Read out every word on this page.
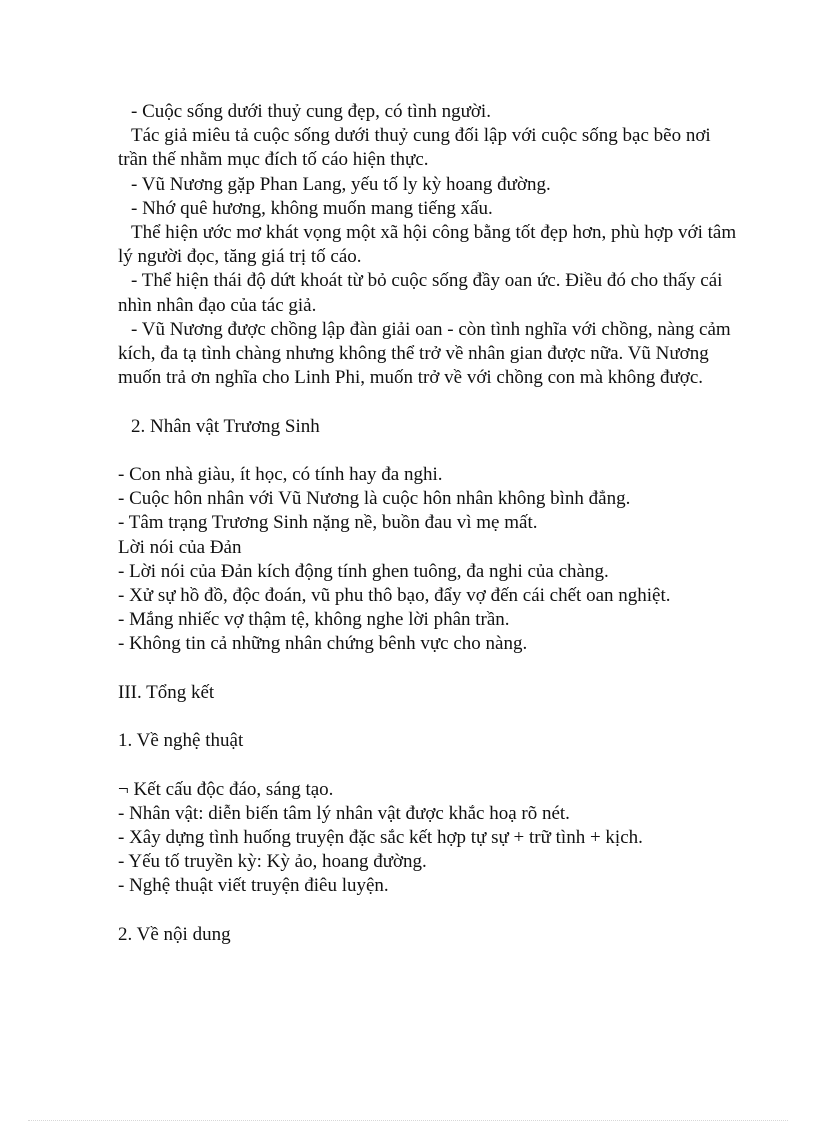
- Cuộc sống dưới thuỷ cung đẹp, có tình người.

Tác giả miêu tả cuộc sống dưới thuỷ cung đối lập với cuộc sống bạc bẽo nơi trần thế nhằm mục đích tố cáo hiện thực.

- Vũ Nương gặp Phan Lang, yếu tố ly kỳ hoang đường.

- Nhớ quê hương, không muốn mang tiếng xấu.

Thể hiện ước mơ khát vọng một xã hội công bằng tốt đẹp hơn, phù hợp với tâm lý người đọc, tăng giá trị tố cáo.

- Thể hiện thái độ dứt khoát từ bỏ cuộc sống đầy oan ức. Điều đó cho thấy cái nhìn nhân đạo của tác giả.

- Vũ Nương được chồng lập đàn giải oan - còn tình nghĩa với chồng, nàng cảm kích, đa tạ tình chàng nhưng không thể trở về nhân gian được nữa. Vũ Nương muốn trả ơn nghĩa cho Linh Phi, muốn trở về với chồng con mà không được.

2. Nhân vật Trương Sinh

- Con nhà giàu, ít học, có tính hay đa nghi.

- Cuộc hôn nhân với Vũ Nương là cuộc hôn nhân không bình đẳng.

- Tâm trạng Trương Sinh nặng nề, buồn đau vì mẹ mất.

Lời nói của Đản

- Lời nói của Đản kích động tính ghen tuông, đa nghi của chàng.

- Xử sự hồ đồ, độc đoán, vũ phu thô bạo, đẩy vợ đến cái chết oan nghiệt.

- Mắng nhiếc vợ thậm tệ, không nghe lời phân trần.

- Không tin cả những nhân chứng bênh vực cho nàng.

III. Tổng kết

1. Về nghệ thuật

¬ Kết cấu độc đáo, sáng tạo.

- Nhân vật: diễn biến tâm lý nhân vật được khắc hoạ rõ nét.

- Xây dựng tình huống truyện đặc sắc kết hợp tự sự + trữ tình + kịch.

- Yếu tố truyền kỳ: Kỳ ảo, hoang đường.

- Nghệ thuật viết truyện điêu luyện.

2. Về nội dung
